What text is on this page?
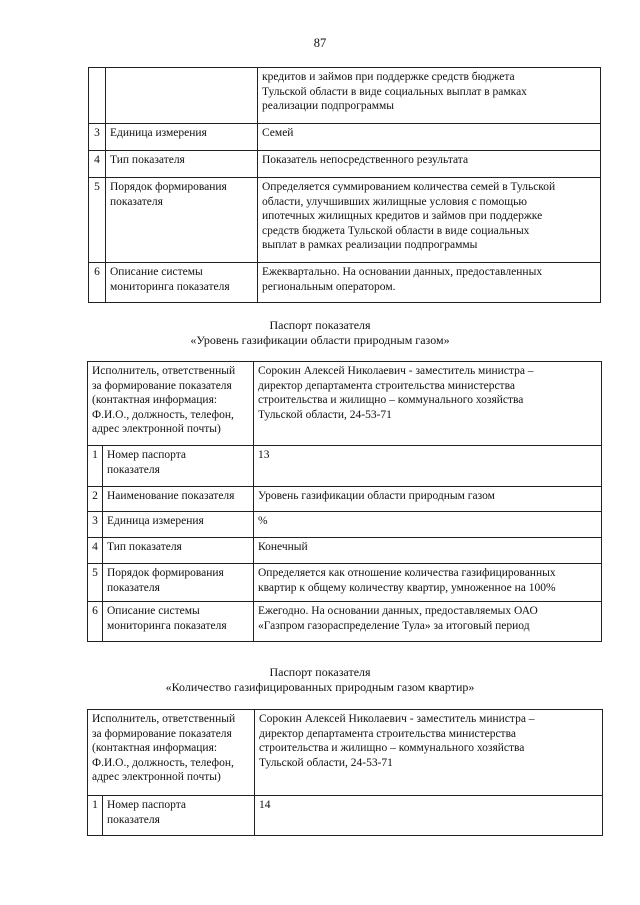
87
		кредитов и займов при поддержке средств бюджета
Тульской области в виде социальных выплат в рамках
реализации подпрограммы
3	Единица измерения	Семей
4	Тип показателя	Показатель непосредственного результата
5	Порядок формирования
показателя	Определяется суммированием количества семей в Тульской
области, улучшивших жилищные условия с помощью
ипотечных жилищных кредитов и займов при поддержке
средств бюджета Тульской области в виде социальных
выплат в рамках реализации подпрограммы
6	Описание системы
мониторинга показателя	Ежеквартально. На основании данных, предоставленных
региональным оператором.
Паспорт показателя
«Уровень газификации области природным газом»
Исполнитель, ответственный
за формирование показателя
(контактная информация:
Ф.И.О., должность, телефон,
адрес электронной почты)		Сорокин Алексей Николаевич - заместитель министра –
директор департамента строительства министерства
строительства и жилищно – коммунального хозяйства
Тульской области, 24-53-71
1	Номер паспорта
показателя	13
2	Наименование показателя	Уровень газификации области природным газом
3	Единица измерения	%
4	Тип показателя	Конечный
5	Порядок формирования
показателя	Определяется как отношение количества газифицированных
квартир к общему количеству квартир, умноженное на 100%
6	Описание системы
мониторинга показателя	Ежегодно. На основании данных, предоставляемых ОАО
«Газпром газораспределение Тула» за итоговый период
Паспорт показателя
«Количество газифицированных природным газом квартир»
Исполнитель, ответственный
за формирование показателя
(контактная информация:
Ф.И.О., должность, телефон,
адрес электронной почты)		Сорокин Алексей Николаевич - заместитель министра –
директор департамента строительства министерства
строительства и жилищно – коммунального хозяйства
Тульской области, 24-53-71
1	Номер паспорта
показателя	14
